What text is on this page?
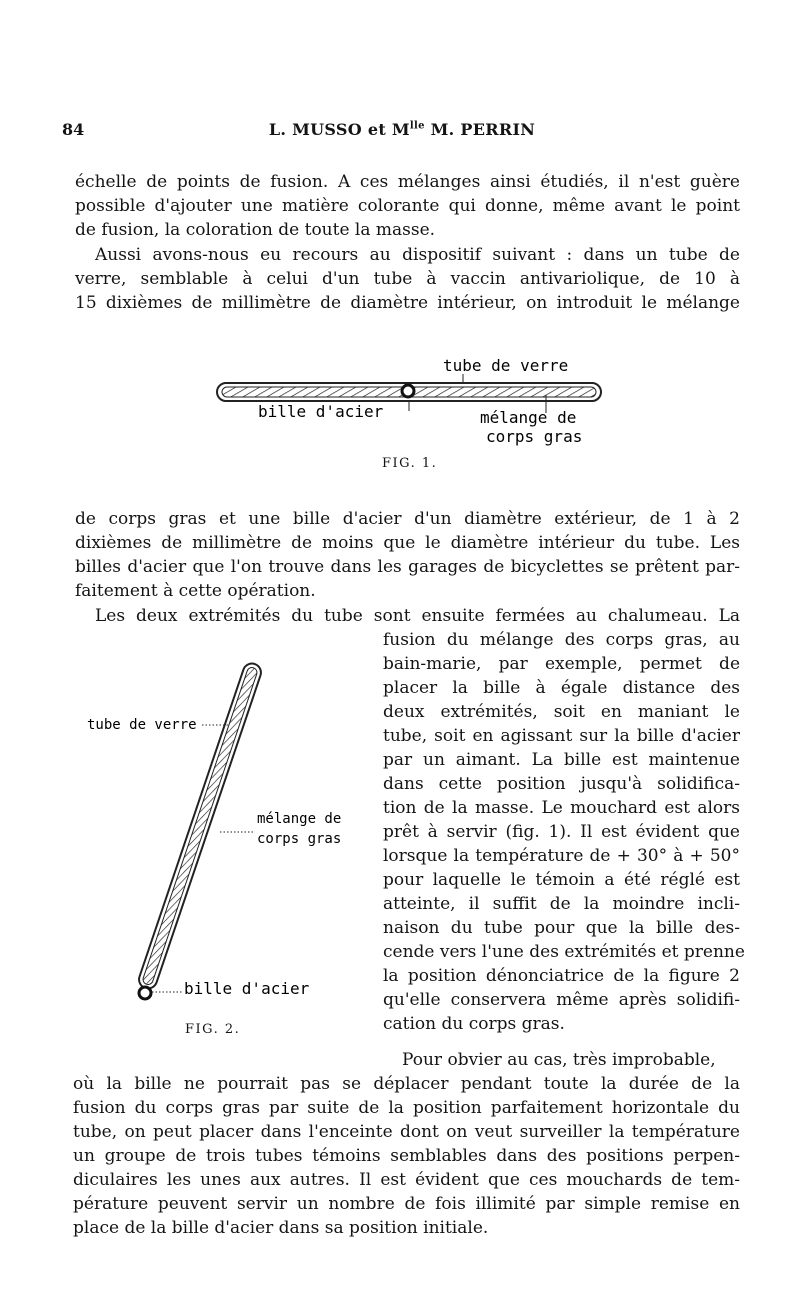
84	L. MUSSO et $M^{lle}$ M. PERRIN
échelle de points de fusion. A ces mélanges ainsi étudiés, il n'est guère
possible d'ajouter une matière colorante qui donne, même avant le point
de fusion, la coloration de toute la masse.
Aussi avons-nous eu recours au dispositif suivant : dans un tube de
verre, semblable à celui d'un tube à vaccin antivariolique, de 10 à
15 dixièmes de millimètre de diamètre intérieur, on introduit le mélange
tube de verre
bille d'acier	mélange de
corps gras
FIG. 1.
de corps gras et une bille d'acier d'un diamètre extérieur, de 1 à 2
dixièmes de millimètre de moins que le diamètre intérieur du tube. Les
billes d'acier que l'on trouve dans les garages de bicyclettes se prêtent par-
faitement à cette opération.
Les deux extrémités du tube sont ensuite fermées au chalumeau. La
fusion du mélange des corps gras, au
bain-marie, par exemple, permet de
placer la bille à égale distance des
deux extrémités, soit en maniant le
tube, soit en agissant sur la bille d'acier
par un aimant. La bille est maintenue
dans cette position jusqu'à solidifica-
tion de la masse. Le mouchard est alors
prêt à servir (fig. 1). Il est évident que
lorsque la température de + 30° à + 50°
pour laquelle le témoin a été réglé est
atteinte, il suffit de la moindre incli-
naison du tube pour que la bille des-
cende vers l'une des extrémités et prenne
la position dénonciatrice de la figure 2
qu'elle conservera même après solidifi-
cation du corps gras.
tube de verre
mélange de
corps gras
bille d'acier
FIG. 2.
Pour obvier au cas, très improbable,
où la bille ne pourrait pas se déplacer pendant toute la durée de la
fusion du corps gras par suite de la position parfaitement horizontale du
tube, on peut placer dans l'enceinte dont on veut surveiller la température
un groupe de trois tubes témoins semblables dans des positions perpen-
diculaires les unes aux autres. Il est évident que ces mouchards de tem-
pérature peuvent servir un nombre de fois illimité par simple remise en
place de la bille d'acier dans sa position initiale.
